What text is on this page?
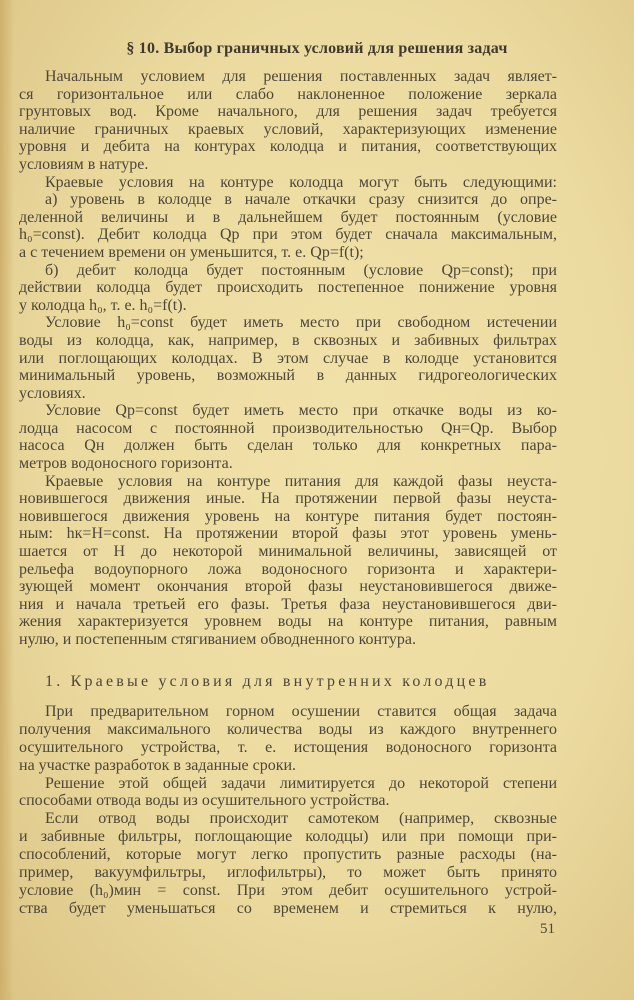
§ 10. Выбор граничных условий для решения задач
Начальным условием для решения поставленных задач являет-
ся горизонтальное или слабо наклоненное положение зеркала
грунтовых вод. Кроме начального, для решения задач требуется
наличие граничных краевых условий, характеризующих изменение
уровня и дебита на контурах колодца и питания, соответствующих
условиям в натуре.
Краевые условия на контуре колодца могут быть следующими:
а) уровень в колодце в начале откачки сразу снизится до опре-
деленной величины и в дальнейшем будет постоянным (условие
h₀=const). Дебит колодца Qр при этом будет сначала максимальным,
а с течением времени он уменьшится, т. е. Qр=f(t);
б) дебит колодца будет постоянным (условие Qр=const); при
действии колодца будет происходить постепенное понижение уровня
у колодца h₀, т. е. h₀=f(t).
Условие h₀=const будет иметь место при свободном истечении
воды из колодца, как, например, в сквозных и забивных фильтрах
или поглощающих колодцах. В этом случае в колодце установится
минимальный уровень, возможный в данных гидрогеологических
условиях.
Условие Qр=const будет иметь место при откачке воды из ко-
лодца насосом с постоянной производительностью Qн=Qр. Выбор
насоса Qн должен быть сделан только для конкретных пара-
метров водоносного горизонта.
Краевые условия на контуре питания для каждой фазы неуста-
новившегося движения иные. На протяжении первой фазы неуста-
новившегося движения уровень на контуре питания будет постоян-
ным: hк=H=const. На протяжении второй фазы этот уровень умень-
шается от H до некоторой минимальной величины, зависящей от
рельефа водоупорного ложа водоносного горизонта и характери-
зующей момент окончания второй фазы неустановившегося движе-
ния и начала третьей его фазы. Третья фаза неустановившегося дви-
жения характеризуется уровнем воды на контуре питания, равным
нулю, и постепенным стягиванием обводненного контура.
1. Краевые условия для внутренних колодцев
При предварительном горном осушении ставится общая задача
получения максимального количества воды из каждого внутреннего
осушительного устройства, т. е. истощения водоносного горизонта
на участке разработок в заданные сроки.
Решение этой общей задачи лимитируется до некоторой степени
способами отвода воды из осушительного устройства.
Если отвод воды происходит самотеком (например, сквозные
и забивные фильтры, поглощающие колодцы) или при помощи при-
способлений, которые могут легко пропустить разные расходы (на-
пример, вакуумфильтры, иглофильтры), то может быть принято
условие (h₀)мин = const. При этом дебит осушительного устрой-
ства будет уменьшаться со временем и стремиться к нулю,
51
